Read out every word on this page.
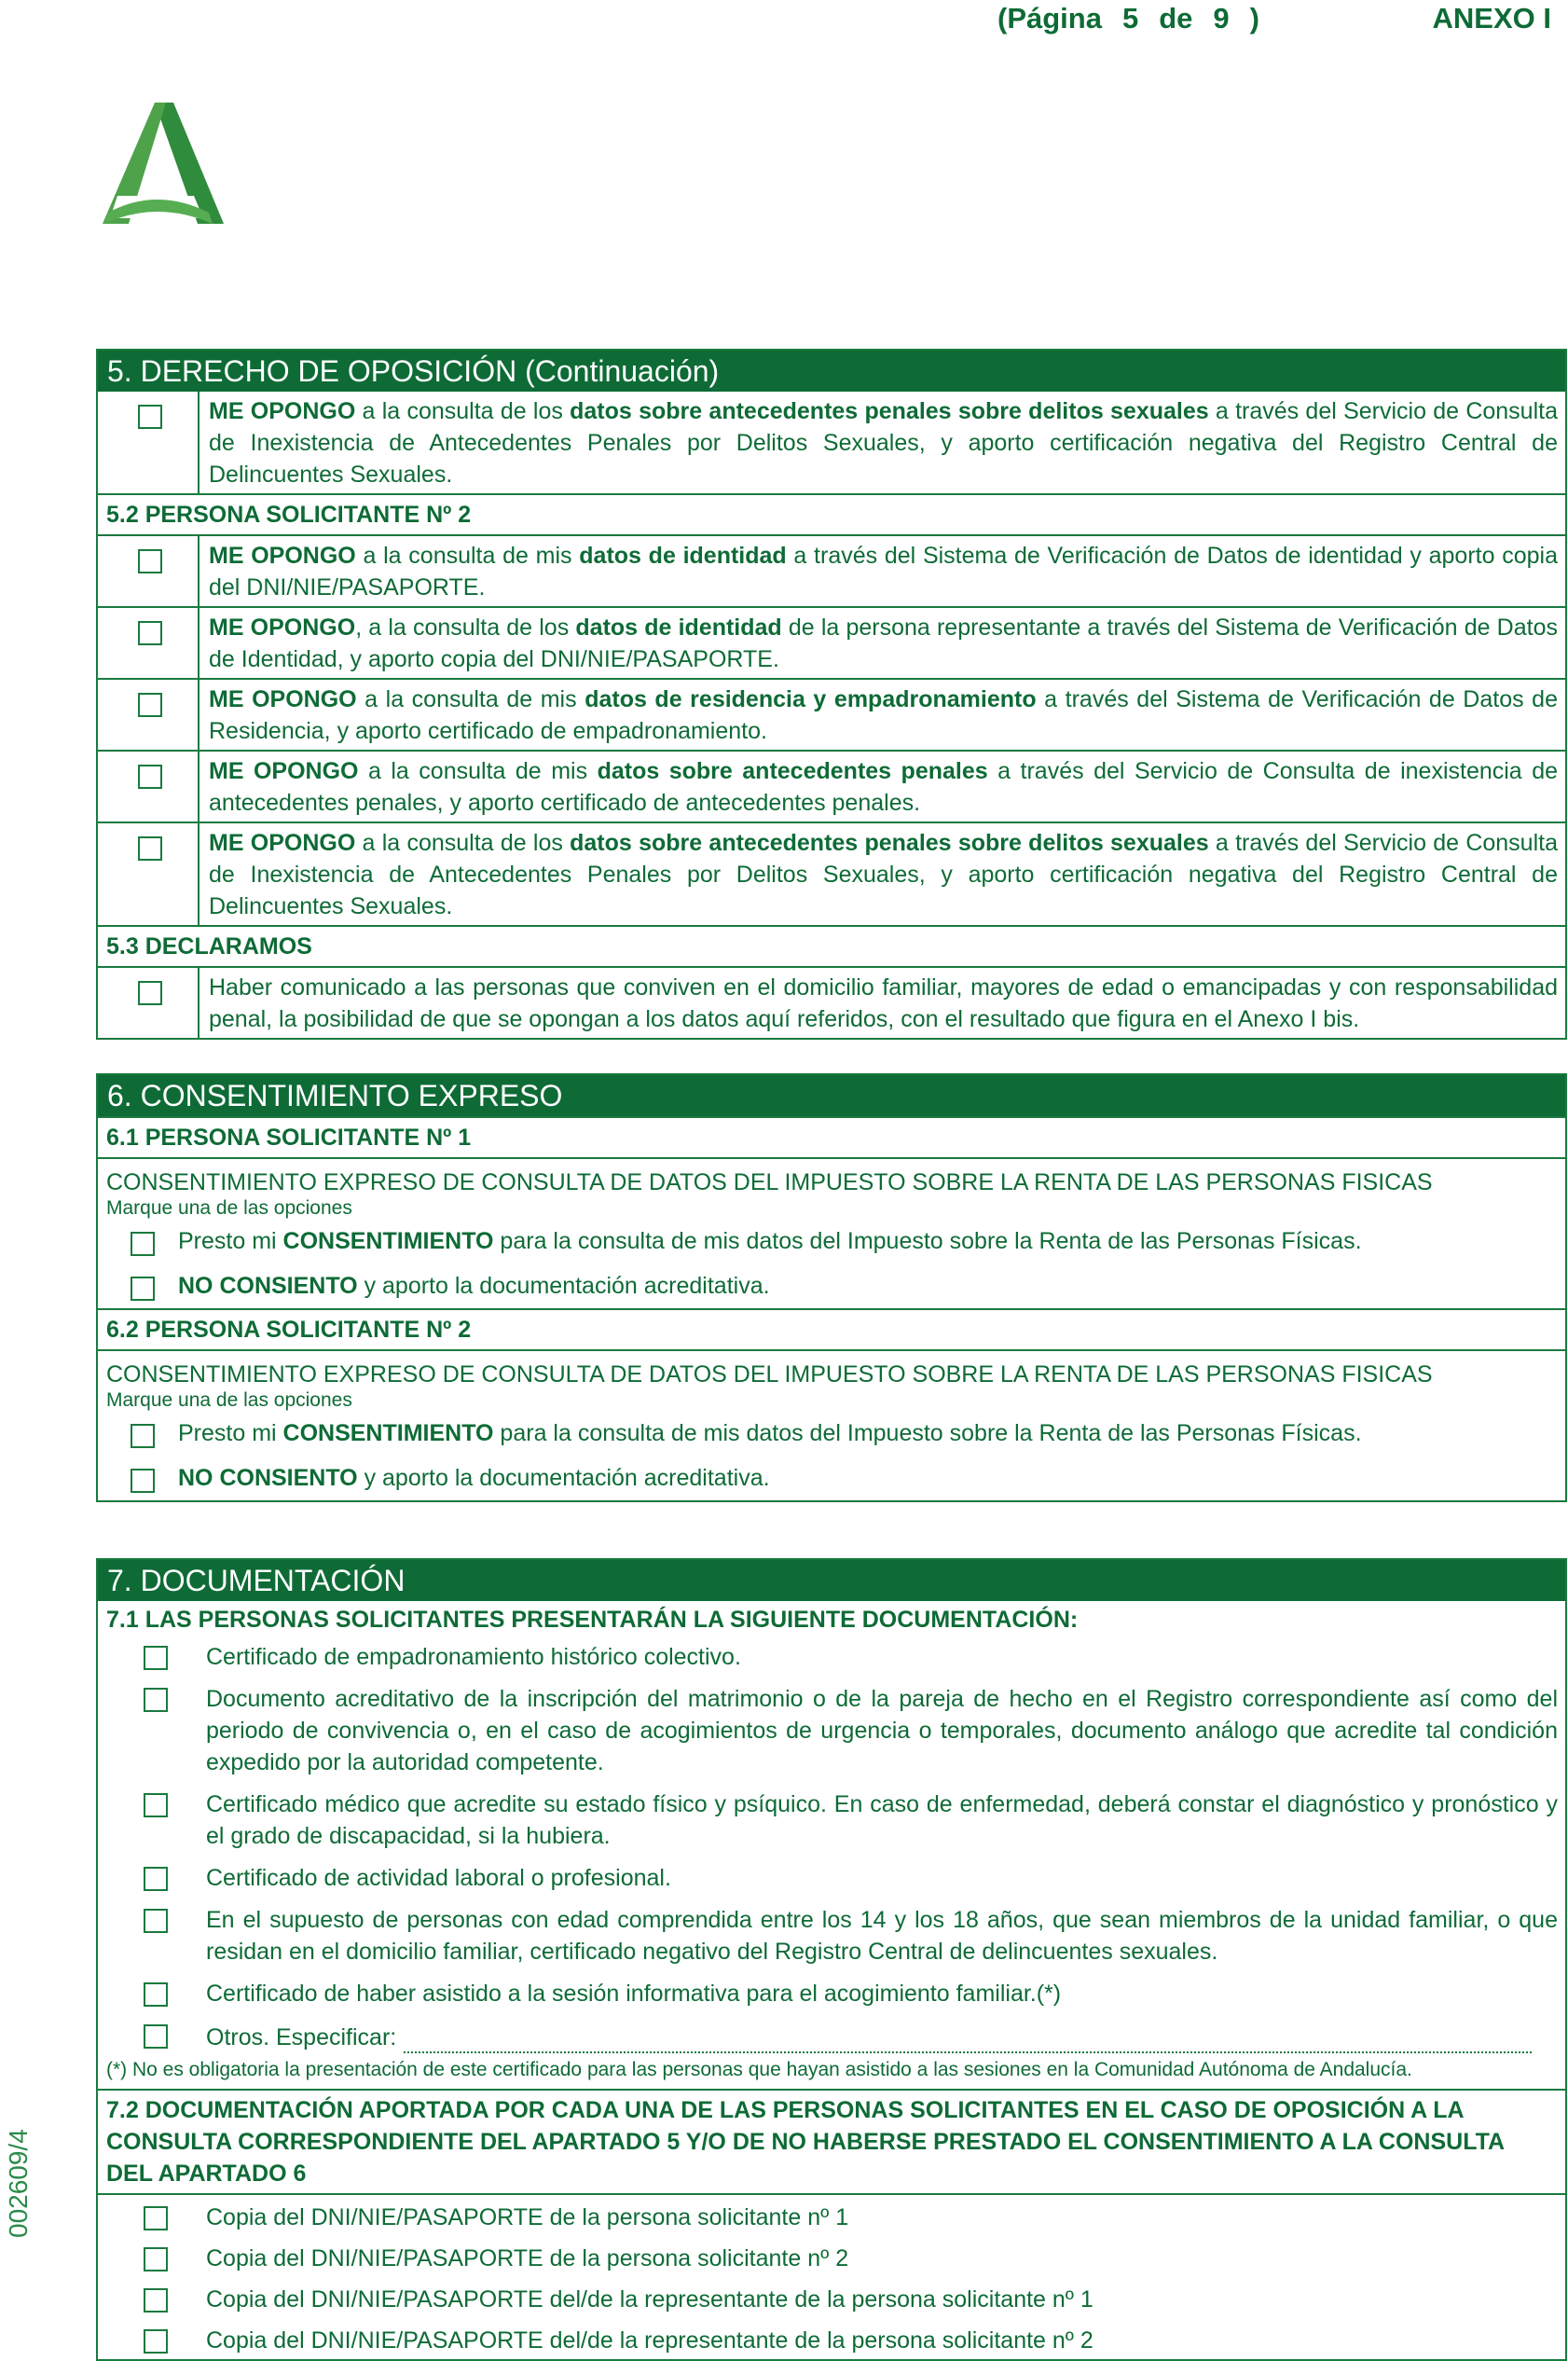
(Página 5 de 9 )	ANEXO I
002609/4
5. DERECHO DE OPOSICIÓN (Continuación)
ME OPONGO a la consulta de los datos sobre antecedentes penales sobre delitos sexuales a través del Servicio de Consulta de Inexistencia de Antecedentes Penales por Delitos Sexuales, y aporto certificación negativa del Registro Central de Delincuentes Sexuales.
5.2 PERSONA SOLICITANTE Nº 2
ME OPONGO a la consulta de mis datos de identidad a través del Sistema de Verificación de Datos de identidad y aporto copia del DNI/NIE/PASAPORTE.
ME OPONGO, a la consulta de los datos de identidad de la persona representante a través del Sistema de Verificación de Datos de Identidad, y aporto copia del DNI/NIE/PASAPORTE.
ME OPONGO a la consulta de mis datos de residencia y empadronamiento a través del Sistema de Verificación de Datos de Residencia, y aporto certificado de empadronamiento.
ME OPONGO a la consulta de mis datos sobre antecedentes penales a través del Servicio de Consulta de inexistencia de antecedentes penales, y aporto certificado de antecedentes penales.
ME OPONGO a la consulta de los datos sobre antecedentes penales sobre delitos sexuales a través del Servicio de Consulta de Inexistencia de Antecedentes Penales por Delitos Sexuales, y aporto certificación negativa del Registro Central de Delincuentes Sexuales.
5.3 DECLARAMOS
Haber comunicado a las personas que conviven en el domicilio familiar, mayores de edad o emancipadas y con responsabilidad penal, la posibilidad de que se opongan a los datos aquí referidos, con el resultado que figura en el Anexo I bis.
6. CONSENTIMIENTO EXPRESO
6.1 PERSONA SOLICITANTE Nº 1
CONSENTIMIENTO EXPRESO DE CONSULTA DE DATOS DEL IMPUESTO SOBRE LA RENTA DE LAS PERSONAS FISICAS
Marque una de las opciones
Presto mi CONSENTIMIENTO para la consulta de mis datos del Impuesto sobre la Renta de las Personas Físicas.
NO CONSIENTO y aporto la documentación acreditativa.
6.2 PERSONA SOLICITANTE Nº 2
CONSENTIMIENTO EXPRESO DE CONSULTA DE DATOS DEL IMPUESTO SOBRE LA RENTA DE LAS PERSONAS FISICAS
Marque una de las opciones
Presto mi CONSENTIMIENTO para la consulta de mis datos del Impuesto sobre la Renta de las Personas Físicas.
NO CONSIENTO y aporto la documentación acreditativa.
7. DOCUMENTACIÓN
7.1 LAS PERSONAS SOLICITANTES PRESENTARÁN LA SIGUIENTE DOCUMENTACIÓN:
Certificado de empadronamiento histórico colectivo.
Documento acreditativo de la inscripción del matrimonio o de la pareja de hecho en el Registro correspondiente así como del periodo de convivencia o, en el caso de acogimientos de urgencia o temporales, documento análogo que acredite tal condición expedido por la autoridad competente.
Certificado médico que acredite su estado físico y psíquico. En caso de enfermedad, deberá constar el diagnóstico y pronóstico y el grado de discapacidad, si la hubiera.
Certificado de actividad laboral o profesional.
En el supuesto de personas con edad comprendida entre los 14 y los 18 años, que sean miembros de la unidad familiar, o que residan en el domicilio familiar, certificado negativo del Registro Central de delincuentes sexuales.
Certificado de haber asistido a la sesión informativa para el acogimiento familiar.(*)
Otros. Especificar:
(*) No es obligatoria la presentación de este certificado para las personas que hayan asistido a las sesiones en la Comunidad Autónoma de Andalucía.
7.2 DOCUMENTACIÓN APORTADA POR CADA UNA DE LAS PERSONAS SOLICITANTES EN EL CASO DE OPOSICIÓN A LA CONSULTA CORRESPONDIENTE DEL APARTADO 5 Y/O DE NO HABERSE PRESTADO EL CONSENTIMIENTO A LA CONSULTA DEL APARTADO 6
Copia del DNI/NIE/PASAPORTE de la persona solicitante nº 1
Copia del DNI/NIE/PASAPORTE de la persona solicitante nº 2
Copia del DNI/NIE/PASAPORTE del/de la representante de la persona solicitante nº 1
Copia del DNI/NIE/PASAPORTE del/de la representante de la persona solicitante nº 2
